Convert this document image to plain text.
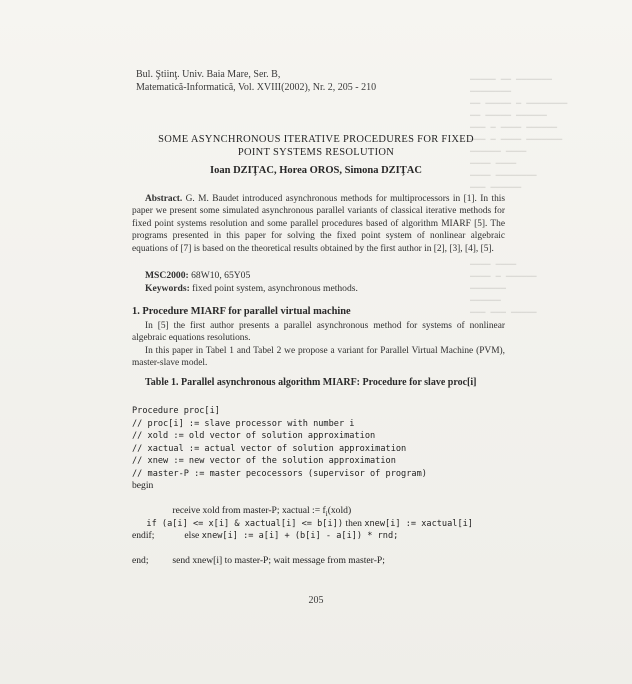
▁▁▁▁▁ ▁▁ ▁▁▁▁▁▁▁
▁▁▁▁▁▁▁▁
▁▁ ▁▁▁▁▁ ▁ ▁▁▁▁▁▁▁▁
▁▁ ▁▁▁▁▁ ▁▁▁▁▁▁
▁▁▁ ▁ ▁▁▁▁ ▁▁▁▁▁▁
▁▁▁ ▁ ▁▁▁▁ ▁▁▁▁▁▁▁
▁▁▁▁▁▁ ▁▁▁▁
▁▁▁▁ ▁▁▁▁
▁▁▁▁ ▁▁▁▁▁▁▁▁
▁▁▁ ▁▁▁▁▁▁
▁▁▁▁ ▁▁▁▁
▁▁▁▁ ▁ ▁▁▁▁▁▁
▁▁▁▁▁▁▁
▁▁▁▁▁▁
▁▁▁ ▁▁▁ ▁▁▁▁▁
Bul. Ştiinţ. Univ. Baia Mare, Ser. B,
Matematică-Informatică, Vol. XVIII(2002), Nr. 2, 205 - 210
SOME ASYNCHRONOUS ITERATIVE PROCEDURES FOR FIXED
POINT SYSTEMS RESOLUTION
Ioan DZIŢAC, Horea OROS, Simona DZIŢAC
Abstract. G. M. Baudet introduced asynchronous methods for multiprocessors in [1]. In this paper we present some simulated asynchronous parallel variants of classical iterative methods for fixed point systems resolution and some parallel procedures based of algorithm MIARF [5]. The programs presented in this paper for solving the fixed point system of nonlinear algebraic equations of [7] is based on the theoretical results obtained by the first author in [2], [3], [4], [5].
MSC2000: 68W10, 65Y05
Keywords: fixed point system, asynchronous methods.
1. Procedure MIARF for parallel virtual machine
In [5] the first author presents a parallel asynchronous method for systems of nonlinear algebraic equations resolutions.
In this paper in Tabel 1 and Tabel 2 we propose a variant for Parallel Virtual Machine (PVM), master-slave model.
Table 1. Parallel asynchronous algorithm MIARF: Procedure for slave proc[i]
Procedure proc[i]
// proc[i] := slave processor with number i
// xold := old vector of solution approximation
// xactual := actual vector of solution approximation
// xnew := new vector of the solution approximation
// master-P := master pecocessors (supervisor of program)
begin

receive xold from master-P; xactual := $f_i(xold)$

if (a[i] <= x[i] & xactual[i] <= b[i]) then xnew[i] := xactual[i]

else xnew[i] := a[i] + (b[i] - a[i]) * rnd;

endif;

send xnew[i] to master-P; wait message from master-P;

end;
205
